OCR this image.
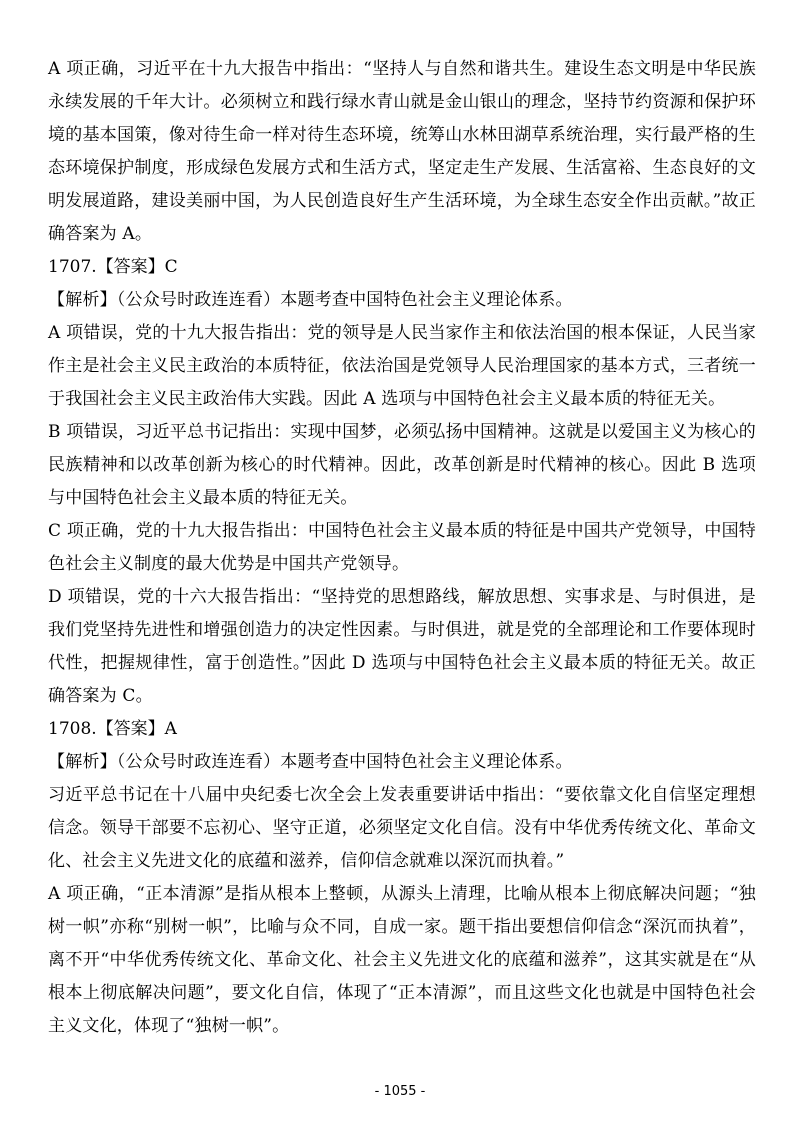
A 项正确，习近平在十九大报告中指出：“坚持人与自然和谐共生。建设生态文明是中华民族永续发展的千年大计。必须树立和践行绿水青山就是金山银山的理念，坚持节约资源和保护环境的基本国策，像对待生命一样对待生态环境，统筹山水林田湖草系统治理，实行最严格的生态环境保护制度，形成绿色发展方式和生活方式，坚定走生产发展、生活富裕、生态良好的文明发展道路，建设美丽中国，为人民创造良好生产生活环境，为全球生态安全作出贡献。”故正确答案为 A。

1707.【答案】C

【解析】（公众号时政连连看）本题考查中国特色社会主义理论体系。

A 项错误，党的十九大报告指出：党的领导是人民当家作主和依法治国的根本保证，人民当家作主是社会主义民主政治的本质特征，依法治国是党领导人民治理国家的基本方式，三者统一于我国社会主义民主政治伟大实践。因此 A 选项与中国特色社会主义最本质的特征无关。

B 项错误，习近平总书记指出：实现中国梦，必须弘扬中国精神。这就是以爱国主义为核心的民族精神和以改革创新为核心的时代精神。因此，改革创新是时代精神的核心。因此 B 选项与中国特色社会主义最本质的特征无关。

C 项正确，党的十九大报告指出：中国特色社会主义最本质的特征是中国共产党领导，中国特色社会主义制度的最大优势是中国共产党领导。

D 项错误，党的十六大报告指出：“坚持党的思想路线，解放思想、实事求是、与时俱进，是我们党坚持先进性和增强创造力的决定性因素。与时俱进，就是党的全部理论和工作要体现时代性，把握规律性，富于创造性。”因此 D 选项与中国特色社会主义最本质的特征无关。故正确答案为 C。

1708.【答案】A

【解析】（公众号时政连连看）本题考查中国特色社会主义理论体系。

习近平总书记在十八届中央纪委七次全会上发表重要讲话中指出：“要依靠文化自信坚定理想信念。领导干部要不忘初心、坚守正道，必须坚定文化自信。没有中华优秀传统文化、革命文化、社会主义先进文化的底蕴和滋养，信仰信念就难以深沉而执着。”

A 项正确，“正本清源”是指从根本上整顿，从源头上清理，比喻从根本上彻底解决问题；“独树一帜”亦称“别树一帜”，比喻与众不同，自成一家。题干指出要想信仰信念“深沉而执着”，离不开“中华优秀传统文化、革命文化、社会主义先进文化的底蕴和滋养”，这其实就是在“从根本上彻底解决问题”，要文化自信，体现了“正本清源”，而且这些文化也就是中国特色社会主义文化，体现了“独树一帜”。

- 1055 -
